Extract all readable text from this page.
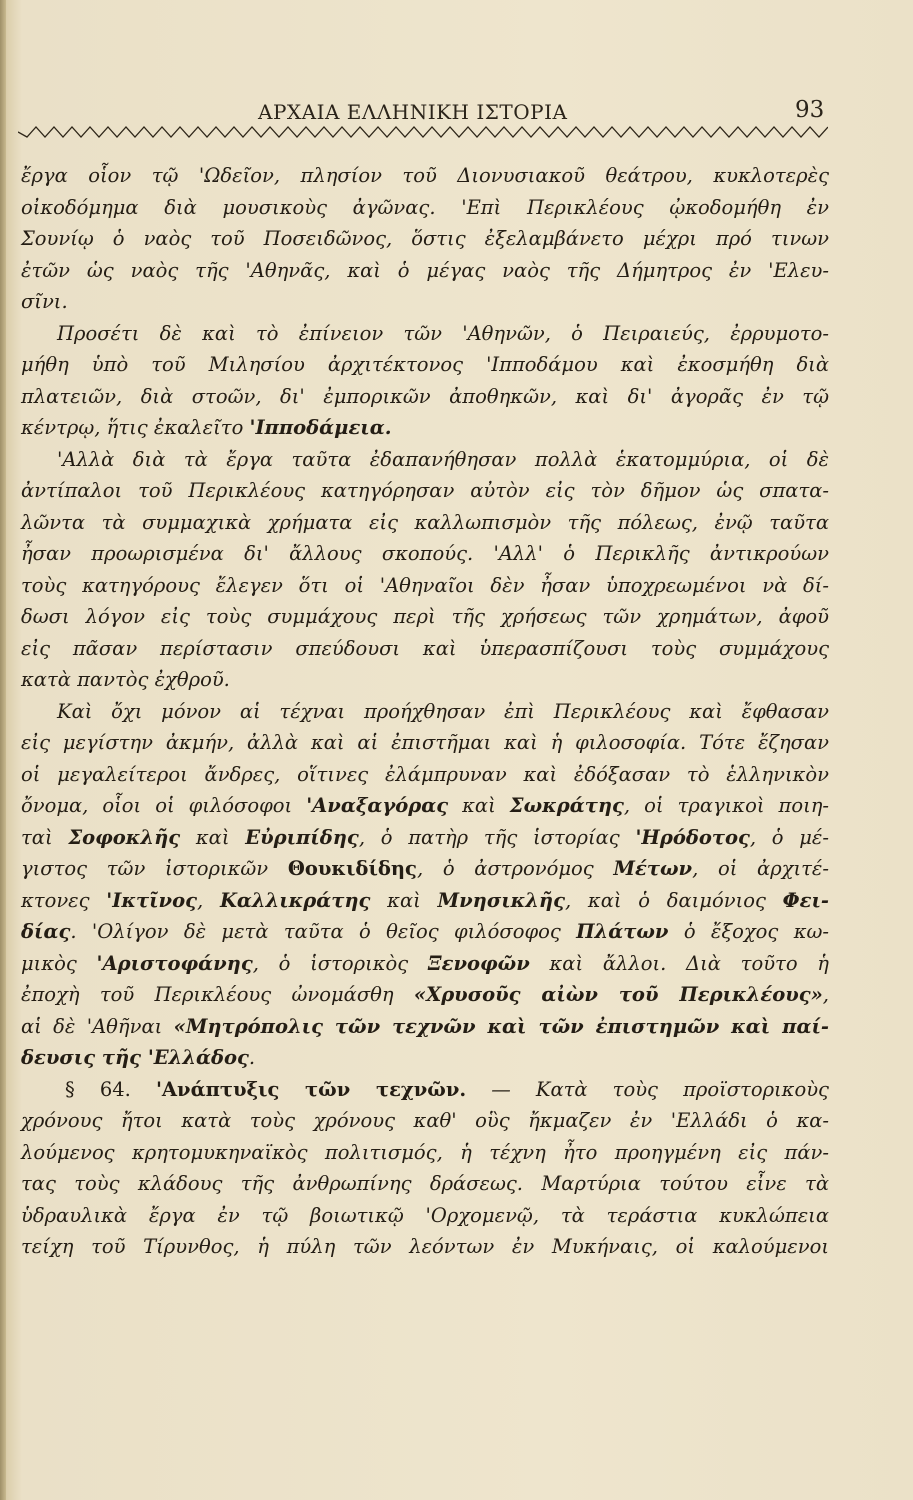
ΑΡΧΑΙΑ ΕΛΛΗΝΙΚΗ ΙΣΤΟΡΙΑ	93
ἔργα οἷον τῷ 'Ωδεῖον, πλησίον τοῦ Διονυσιακοῦ θεάτρου, κυκλοτερὲς
οἰκοδόμημα διὰ μουσικοὺς ἀγῶνας. 'Επὶ Περικλέους ᾠκοδομήθη ἐν
Σουνίῳ ὁ ναὸς τοῦ Ποσειδῶνος, ὅστις ἐξελαμβάνετο μέχρι πρό τινων
ἐτῶν ὡς ναὸς τῆς 'Αθηνᾶς, καὶ ὁ μέγας ναὸς τῆς Δήμητρος ἐν 'Ελευ-
σῖνι.
Προσέτι δὲ καὶ τὸ ἐπίνειον τῶν 'Αθηνῶν, ὁ Πειραιεύς, ἐρρυμοτο-
μήθη ὑπὸ τοῦ Μιλησίου ἀρχιτέκτονος 'Ιπποδάμου καὶ ἐκοσμήθη διὰ
πλατειῶν, διὰ στοῶν, δι' ἐμπορικῶν ἀποθηκῶν, καὶ δι' ἀγορᾶς ἐν τῷ
κέντρῳ, ἥτις ἐκαλεῖτο 'Ιπποδάμεια.
'Αλλὰ διὰ τὰ ἔργα ταῦτα ἐδαπανήθησαν πολλὰ ἑκατομμύρια, οἱ δὲ
ἀντίπαλοι τοῦ Περικλέους κατηγόρησαν αὐτὸν εἰς τὸν δῆμον ὡς σπατα-
λῶντα τὰ συμμαχικὰ χρήματα εἰς καλλωπισμὸν τῆς πόλεως, ἐνῷ ταῦτα
ἦσαν προωρισμένα δι' ἄλλους σκοπούς. 'Αλλ' ὁ Περικλῆς ἀντικρούων
τοὺς κατηγόρους ἔλεγεν ὅτι οἱ 'Αθηναῖοι δὲν ἦσαν ὑποχρεωμένοι νὰ δί-
δωσι λόγον εἰς τοὺς συμμάχους περὶ τῆς χρήσεως τῶν χρημάτων, ἀφοῦ
εἰς πᾶσαν περίστασιν σπεύδουσι καὶ ὑπερασπίζουσι τοὺς συμμάχους
κατὰ παντὸς ἐχθροῦ.
Καὶ ὄχι μόνον αἱ τέχναι προήχθησαν ἐπὶ Περικλέους καὶ ἔφθασαν
εἰς μεγίστην ἀκμήν, ἀλλὰ καὶ αἱ ἐπιστῆμαι καὶ ἡ φιλοσοφία. Τότε ἔζησαν
οἱ μεγαλείτεροι ἄνδρες, οἵτινες ἐλάμπρυναν καὶ ἐδόξασαν τὸ ἑλληνικὸν
ὄνομα, οἷοι οἱ φιλόσοφοι 'Αναξαγόρας καὶ Σωκράτης, οἱ τραγικοὶ ποιη-
ταὶ Σοφοκλῆς καὶ Εὐριπίδης, ὁ πατὴρ τῆς ἱστορίας 'Ηρόδοτος, ὁ μέ-
γιστος τῶν ἱστορικῶν Θουκιδίδης, ὁ ἀστρονόμος Μέτων, οἱ ἀρχιτέ-
κτονες 'Ικτῖνος, Καλλικράτης καὶ Μνησικλῆς, καὶ ὁ δαιμόνιος Φει-
δίας. 'Ολίγον δὲ μετὰ ταῦτα ὁ θεῖος φιλόσοφος Πλάτων ὁ ἔξοχος κω-
μικὸς 'Αριστοφάνης, ὁ ἱστορικὸς Ξενοφῶν καὶ ἄλλοι. Διὰ τοῦτο ἡ
ἐποχὴ τοῦ Περικλέους ὠνομάσθη «Χρυσοῦς αἰὼν τοῦ Περικλέους»,
αἱ δὲ 'Αθῆναι «Μητρόπολις τῶν τεχνῶν καὶ τῶν ἐπιστημῶν καὶ παί-
δευσις τῆς 'Ελλάδος.
§ 64. 'Ανάπτυξις τῶν τεχνῶν. — Κατὰ τοὺς προϊστορικοὺς
χρόνους ἤτοι κατὰ τοὺς χρόνους καθ' οὓς ἤκμαζεν ἐν 'Ελλάδι ὁ κα-
λούμενος κρητομυκηναϊκὸς πολιτισμός, ἡ τέχνη ἦτο προηγμένη εἰς πάν-
τας τοὺς κλάδους τῆς ἀνθρωπίνης δράσεως. Μαρτύρια τούτου εἶνε τὰ
ὑδραυλικὰ ἔργα ἐν τῷ βοιωτικῷ 'Ορχομενῷ, τὰ τεράστια κυκλώπεια
τείχη τοῦ Τίρυνθος, ἡ πύλη τῶν λεόντων ἐν Μυκήναις, οἱ καλούμενοι
